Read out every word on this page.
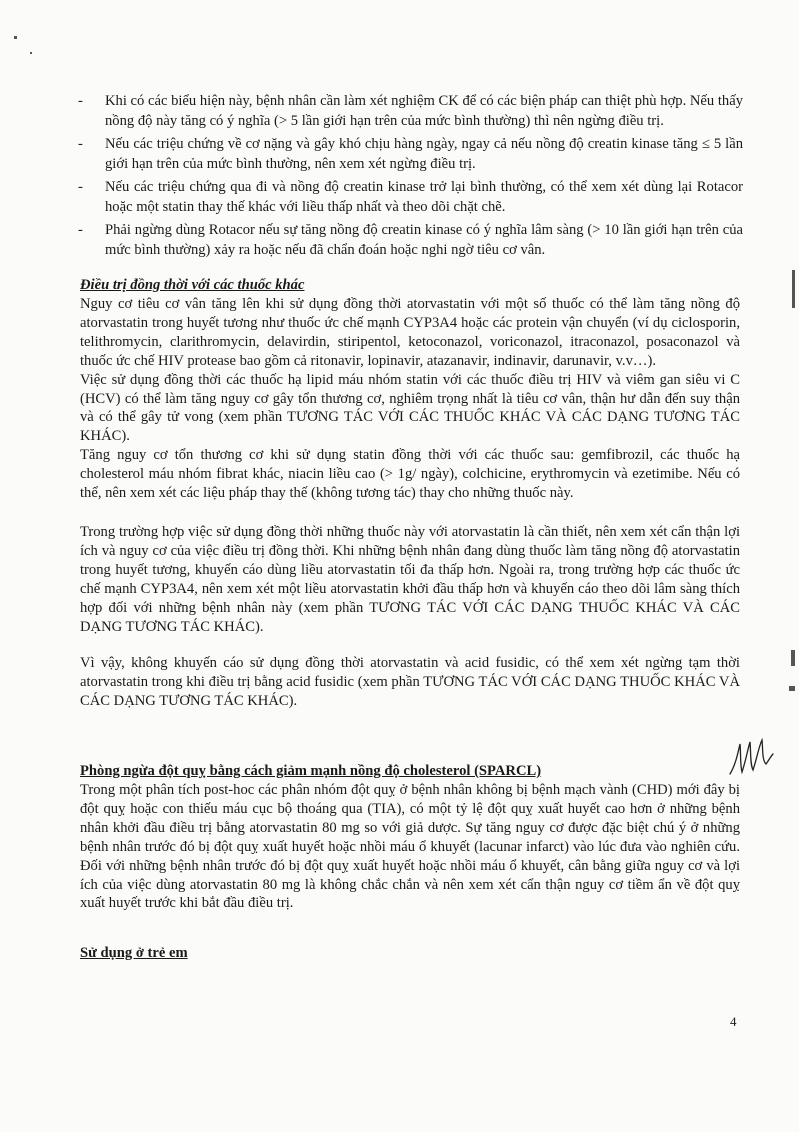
- Khi có các biểu hiện này, bệnh nhân cần làm xét nghiệm CK để có các biện pháp can thiệt phù hợp. Nếu thấy nồng độ này tăng có ý nghĩa (> 5 lần giới hạn trên của mức bình thường) thì nên ngừng điều trị.
- Nếu các triệu chứng về cơ nặng và gây khó chịu hàng ngày, ngay cả nếu nồng độ creatin kinase tăng ≤ 5 lần giới hạn trên của mức bình thường, nên xem xét ngừng điều trị.
- Nếu các triệu chứng qua đi và nồng độ creatin kinase trở lại bình thường, có thể xem xét dùng lại Rotacor hoặc một statin thay thế khác với liều thấp nhất và theo dõi chặt chẽ.
- Phải ngừng dùng Rotacor nếu sự tăng nồng độ creatin kinase có ý nghĩa lâm sàng (> 10 lần giới hạn trên của mức bình thường) xảy ra hoặc nếu đã chẩn đoán hoặc nghi ngờ tiêu cơ vân.
Điều trị đồng thời với các thuốc khác

Nguy cơ tiêu cơ vân tăng lên khi sử dụng đồng thời atorvastatin với một số thuốc có thể làm tăng nồng độ atorvastatin trong huyết tương như thuốc ức chế mạnh CYP3A4 hoặc các protein vận chuyển (ví dụ ciclosporin, telithromycin, clarithromycin, delavirdin, stiripentol, ketoconazol, voriconazol, itraconazol, posaconazol và thuốc ức chế HIV protease bao gồm cả ritonavir, lopinavir, atazanavir, indinavir, darunavir, v.v…).

Việc sử dụng đồng thời các thuốc hạ lipid máu nhóm statin với các thuốc điều trị HIV và viêm gan siêu vi C (HCV) có thể làm tăng nguy cơ gây tổn thương cơ, nghiêm trọng nhất là tiêu cơ vân, thận hư dẫn đến suy thận và có thể gây tử vong (xem phần TƯƠNG TÁC VỚI CÁC THUỐC KHÁC VÀ CÁC DẠNG TƯƠNG TÁC KHÁC).

Tăng nguy cơ tổn thương cơ khi sử dụng statin đồng thời với các thuốc sau: gemfibrozil, các thuốc hạ cholesterol máu nhóm fibrat khác, niacin liều cao (> 1g/ ngày), colchicine, erythromycin và ezetimibe. Nếu có thể, nên xem xét các liệu pháp thay thế (không tương tác) thay cho những thuốc này.

Trong trường hợp việc sử dụng đồng thời những thuốc này với atorvastatin là cần thiết, nên xem xét cẩn thận lợi ích và nguy cơ của việc điều trị đồng thời. Khi những bệnh nhân đang dùng thuốc làm tăng nồng độ atorvastatin trong huyết tương, khuyến cáo dùng liều atorvastatin tối đa thấp hơn. Ngoài ra, trong trường hợp các thuốc ức chế mạnh CYP3A4, nên xem xét một liều atorvastatin khởi đầu thấp hơn và khuyến cáo theo dõi lâm sàng thích hợp đối với những bệnh nhân này (xem phần TƯƠNG TÁC VỚI CÁC DẠNG THUỐC KHÁC VÀ CÁC DẠNG TƯƠNG TÁC KHÁC).

Vì vậy, không khuyến cáo sử dụng đồng thời atorvastatin và acid fusidic, có thể xem xét ngừng tạm thời atorvastatin trong khi điều trị bằng acid fusidic (xem phần TƯƠNG TÁC VỚI CÁC DẠNG THUỐC KHÁC VÀ CÁC DẠNG TƯƠNG TÁC KHÁC).

Phòng ngừa đột quỵ bằng cách giảm mạnh nồng độ cholesterol (SPARCL)

Trong một phân tích post-hoc các phân nhóm đột quỵ ở bệnh nhân không bị bệnh mạch vành (CHD) mới đây bị đột quỵ hoặc con thiếu máu cục bộ thoáng qua (TIA), có một tỷ lệ đột quỵ xuất huyết cao hơn ở những bệnh nhân khởi đầu điều trị bằng atorvastatin 80 mg so với giả dược. Sự tăng nguy cơ được đặc biệt chú ý ở những bệnh nhân trước đó bị đột quỵ xuất huyết hoặc nhồi máu ổ khuyết (lacunar infarct) vào lúc đưa vào nghiên cứu. Đối với những bệnh nhân trước đó bị đột quỵ xuất huyết hoặc nhồi máu ổ khuyết, cân bằng giữa nguy cơ và lợi ích của việc dùng atorvastatin 80 mg là không chắc chắn và nên xem xét cẩn thận nguy cơ tiềm ẩn về đột quỵ xuất huyết trước khi bắt đầu điều trị.

Sử dụng ở trẻ em
4
